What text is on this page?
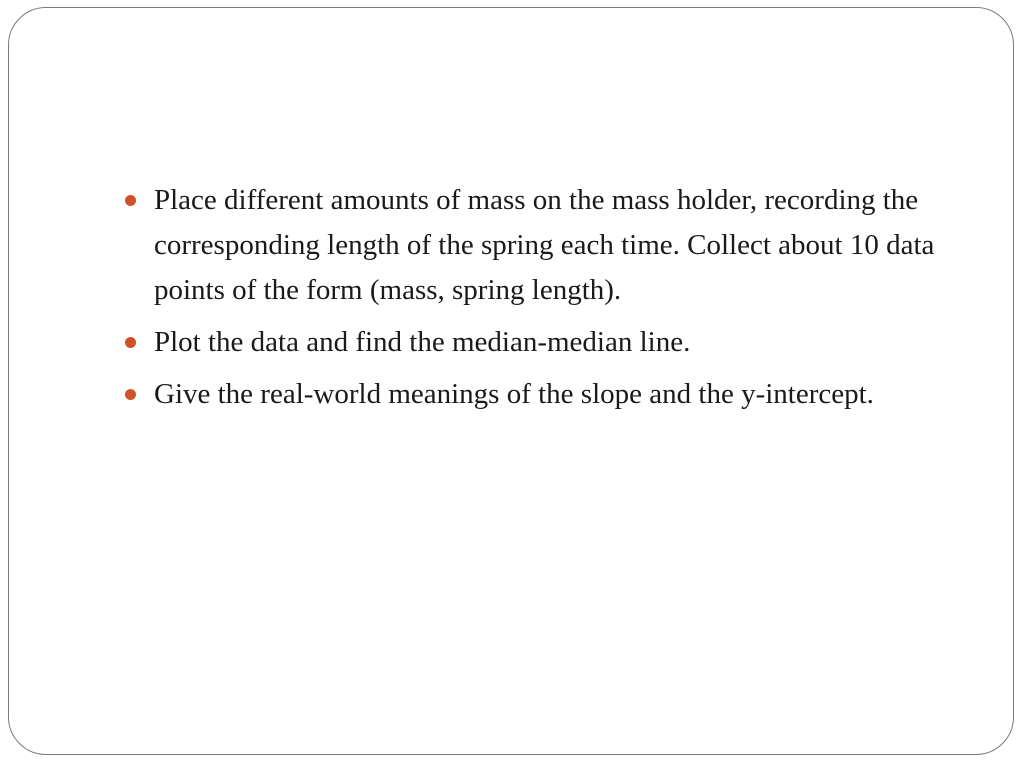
Place different amounts of mass on the mass holder, recording the corresponding length of the spring each time. Collect about 10 data points of the form (mass, spring length).
Plot the data and find the median-median line.
Give the real-world meanings of the slope and the y-intercept.
